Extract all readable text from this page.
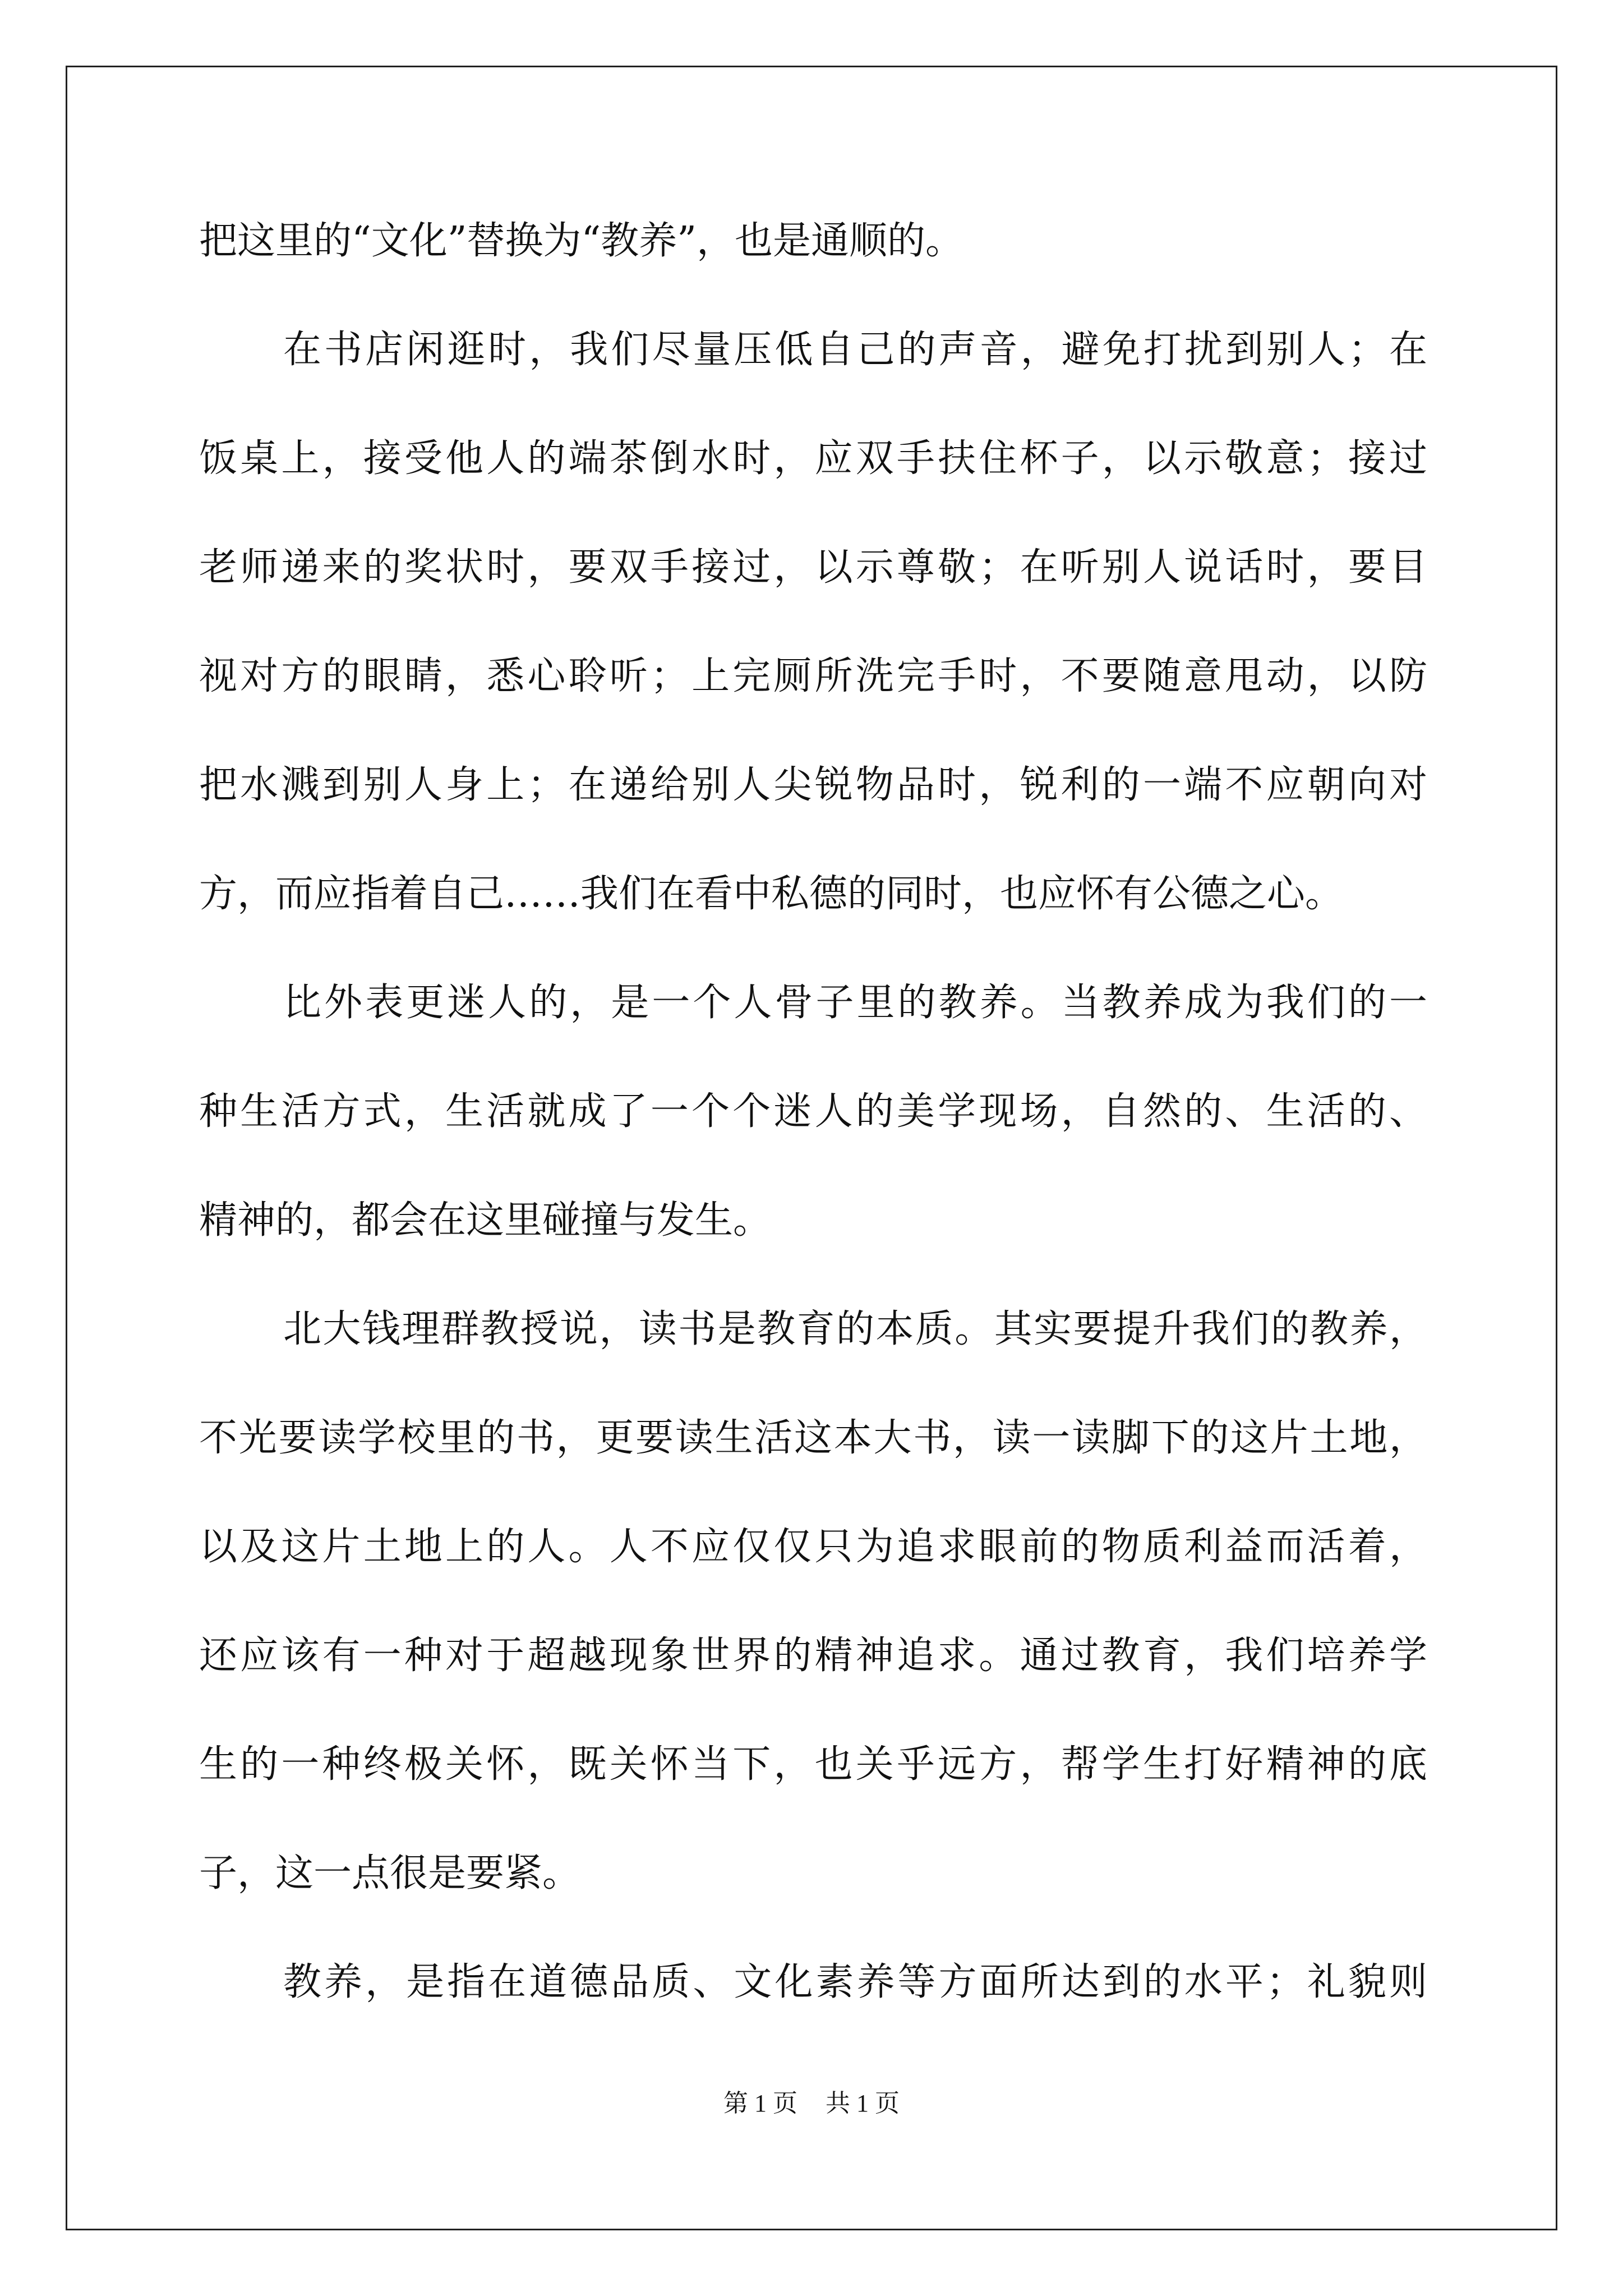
把这里的“文化”替换为“教养”，也是通顺的。
在书店闲逛时，我们尽量压低自己的声音，避免打扰到别人；在
饭桌上，接受他人的端茶倒水时，应双手扶住杯子，以示敬意；接过
老师递来的奖状时，要双手接过，以示尊敬；在听别人说话时，要目
视对方的眼睛，悉心聆听；上完厕所洗完手时，不要随意甩动，以防
把水溅到别人身上；在递给别人尖锐物品时，锐利的一端不应朝向对
方，而应指着自己……我们在看中私德的同时，也应怀有公德之心。
比外表更迷人的，是一个人骨子里的教养。当教养成为我们的一
种生活方式，生活就成了一个个迷人的美学现场，自然的、生活的、
精神的，都会在这里碰撞与发生。
北大钱理群教授说，读书是教育的本质。其实要提升我们的教养，
不光要读学校里的书，更要读生活这本大书，读一读脚下的这片土地，
以及这片土地上的人。人不应仅仅只为追求眼前的物质利益而活着，
还应该有一种对于超越现象世界的精神追求。通过教育，我们培养学
生的一种终极关怀，既关怀当下，也关乎远方，帮学生打好精神的底
子，这一点很是要紧。
教养，是指在道德品质、文化素养等方面所达到的水平；礼貌则
第 1 页 共 1 页
